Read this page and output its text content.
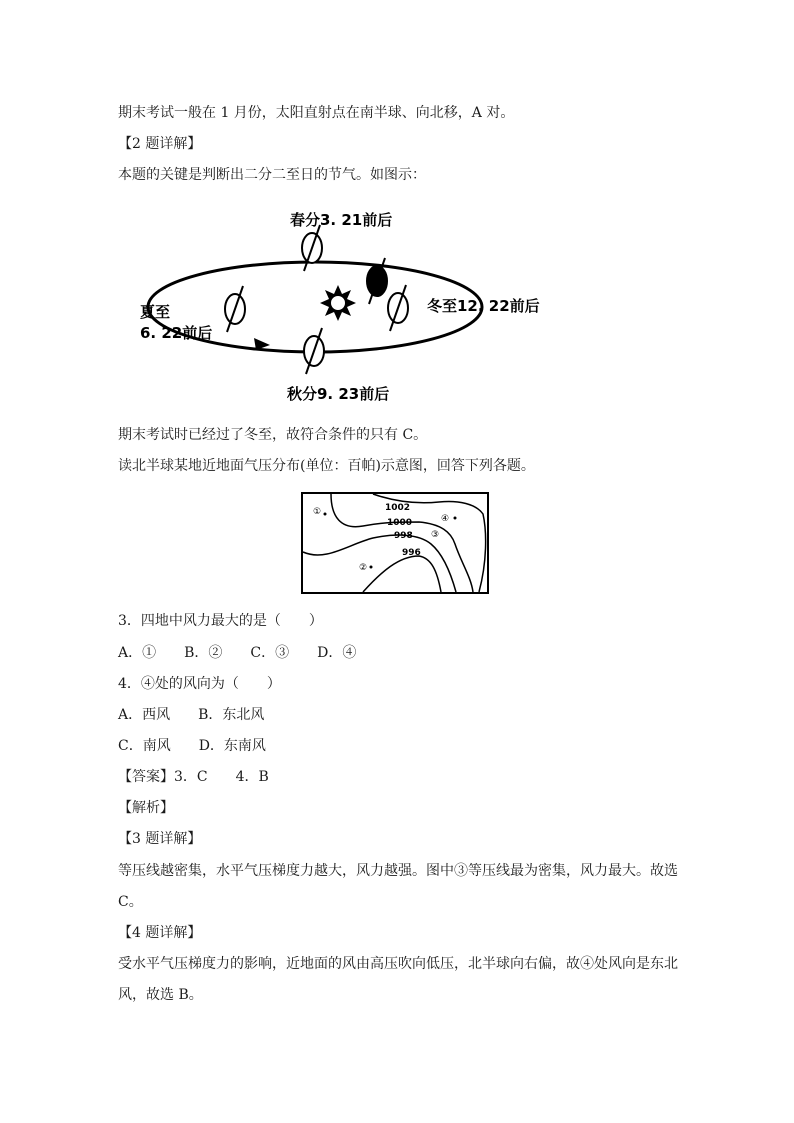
期末考试一般在 1 月份，太阳直射点在南半球、向北移，A 对。
【2 题详解】
本题的关键是判断出二分二至日的节气。如图示：
春分3. 21前后
夏至
6. 22前后
冬至12. 22前后
秋分9. 23前后
期末考试时已经过了冬至，故符合条件的只有 C。
读北半球某地近地面气压分布(单位：百帕)示意图，回答下列各题。
1002
1000
998
996
①
②
③
④
3．四地中风力最大的是（　　）
A．①　　B．②　　C．③　　D．④
4．④处的风向为（　　）
A．西风　　B．东北风
C．南风　　D．东南风
【答案】3．C　　4．B
【解析】
【3 题详解】
等压线越密集，水平气压梯度力越大，风力越强。图中③等压线最为密集，风力最大。故选
C。
【4 题详解】
受水平气压梯度力的影响，近地面的风由高压吹向低压，北半球向右偏，故④处风向是东北
风，故选 B。
